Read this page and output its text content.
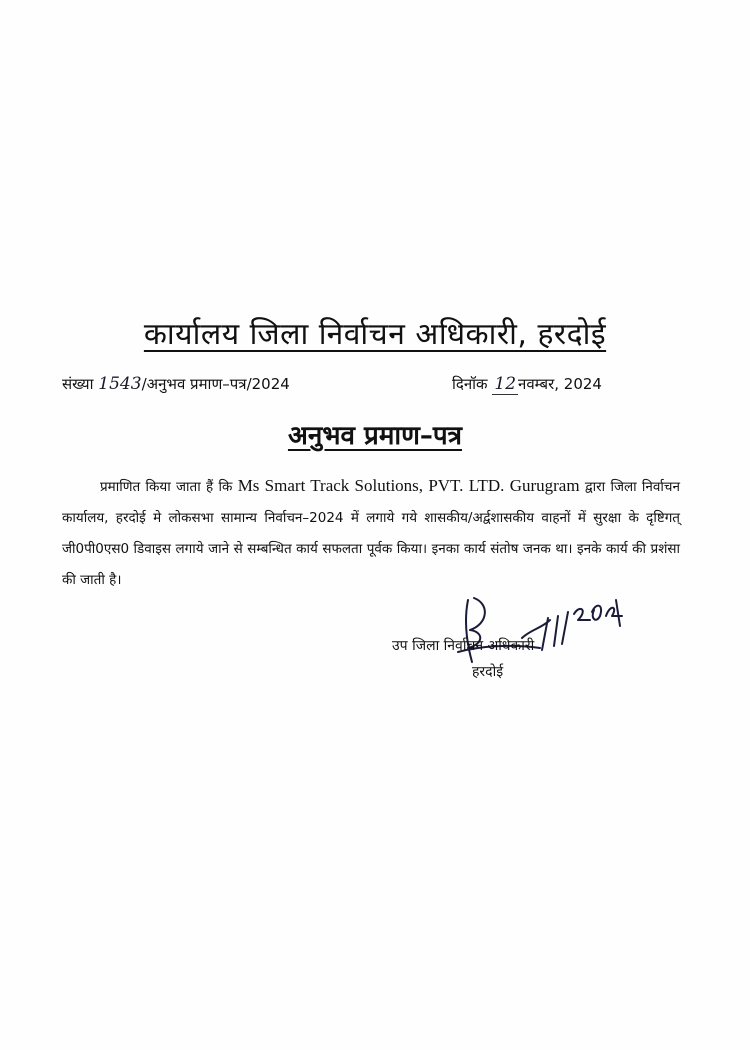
कार्यालय जिला निर्वाचन अधिकारी, हरदोई
संख्या 1543/अनुभव प्रमाण–पत्र/2024	दिनॉक 12 नवम्बर, 2024
अनुभव प्रमाण–पत्र

प्रमाणित किया जाता हैं कि Ms Smart Track Solutions, PVT. LTD. Gurugram द्वारा जिला निर्वाचन कार्यालय, हरदोई मे लोकसभा सामान्य निर्वाचन–2024 में लगाये गये शासकीय/अर्द्वशासकीय वाहनों में सुरक्षा के दृष्टिगत् जी0पी0एस0 डिवाइस लगाये जाने से सम्बन्धित कार्य सफलता पूर्वक किया। इनका कार्य संतोष जनक था। इनके कार्य की प्रशंसा की जाती है।

उप जिला निर्वाचन अधिकारी
हरदोई
